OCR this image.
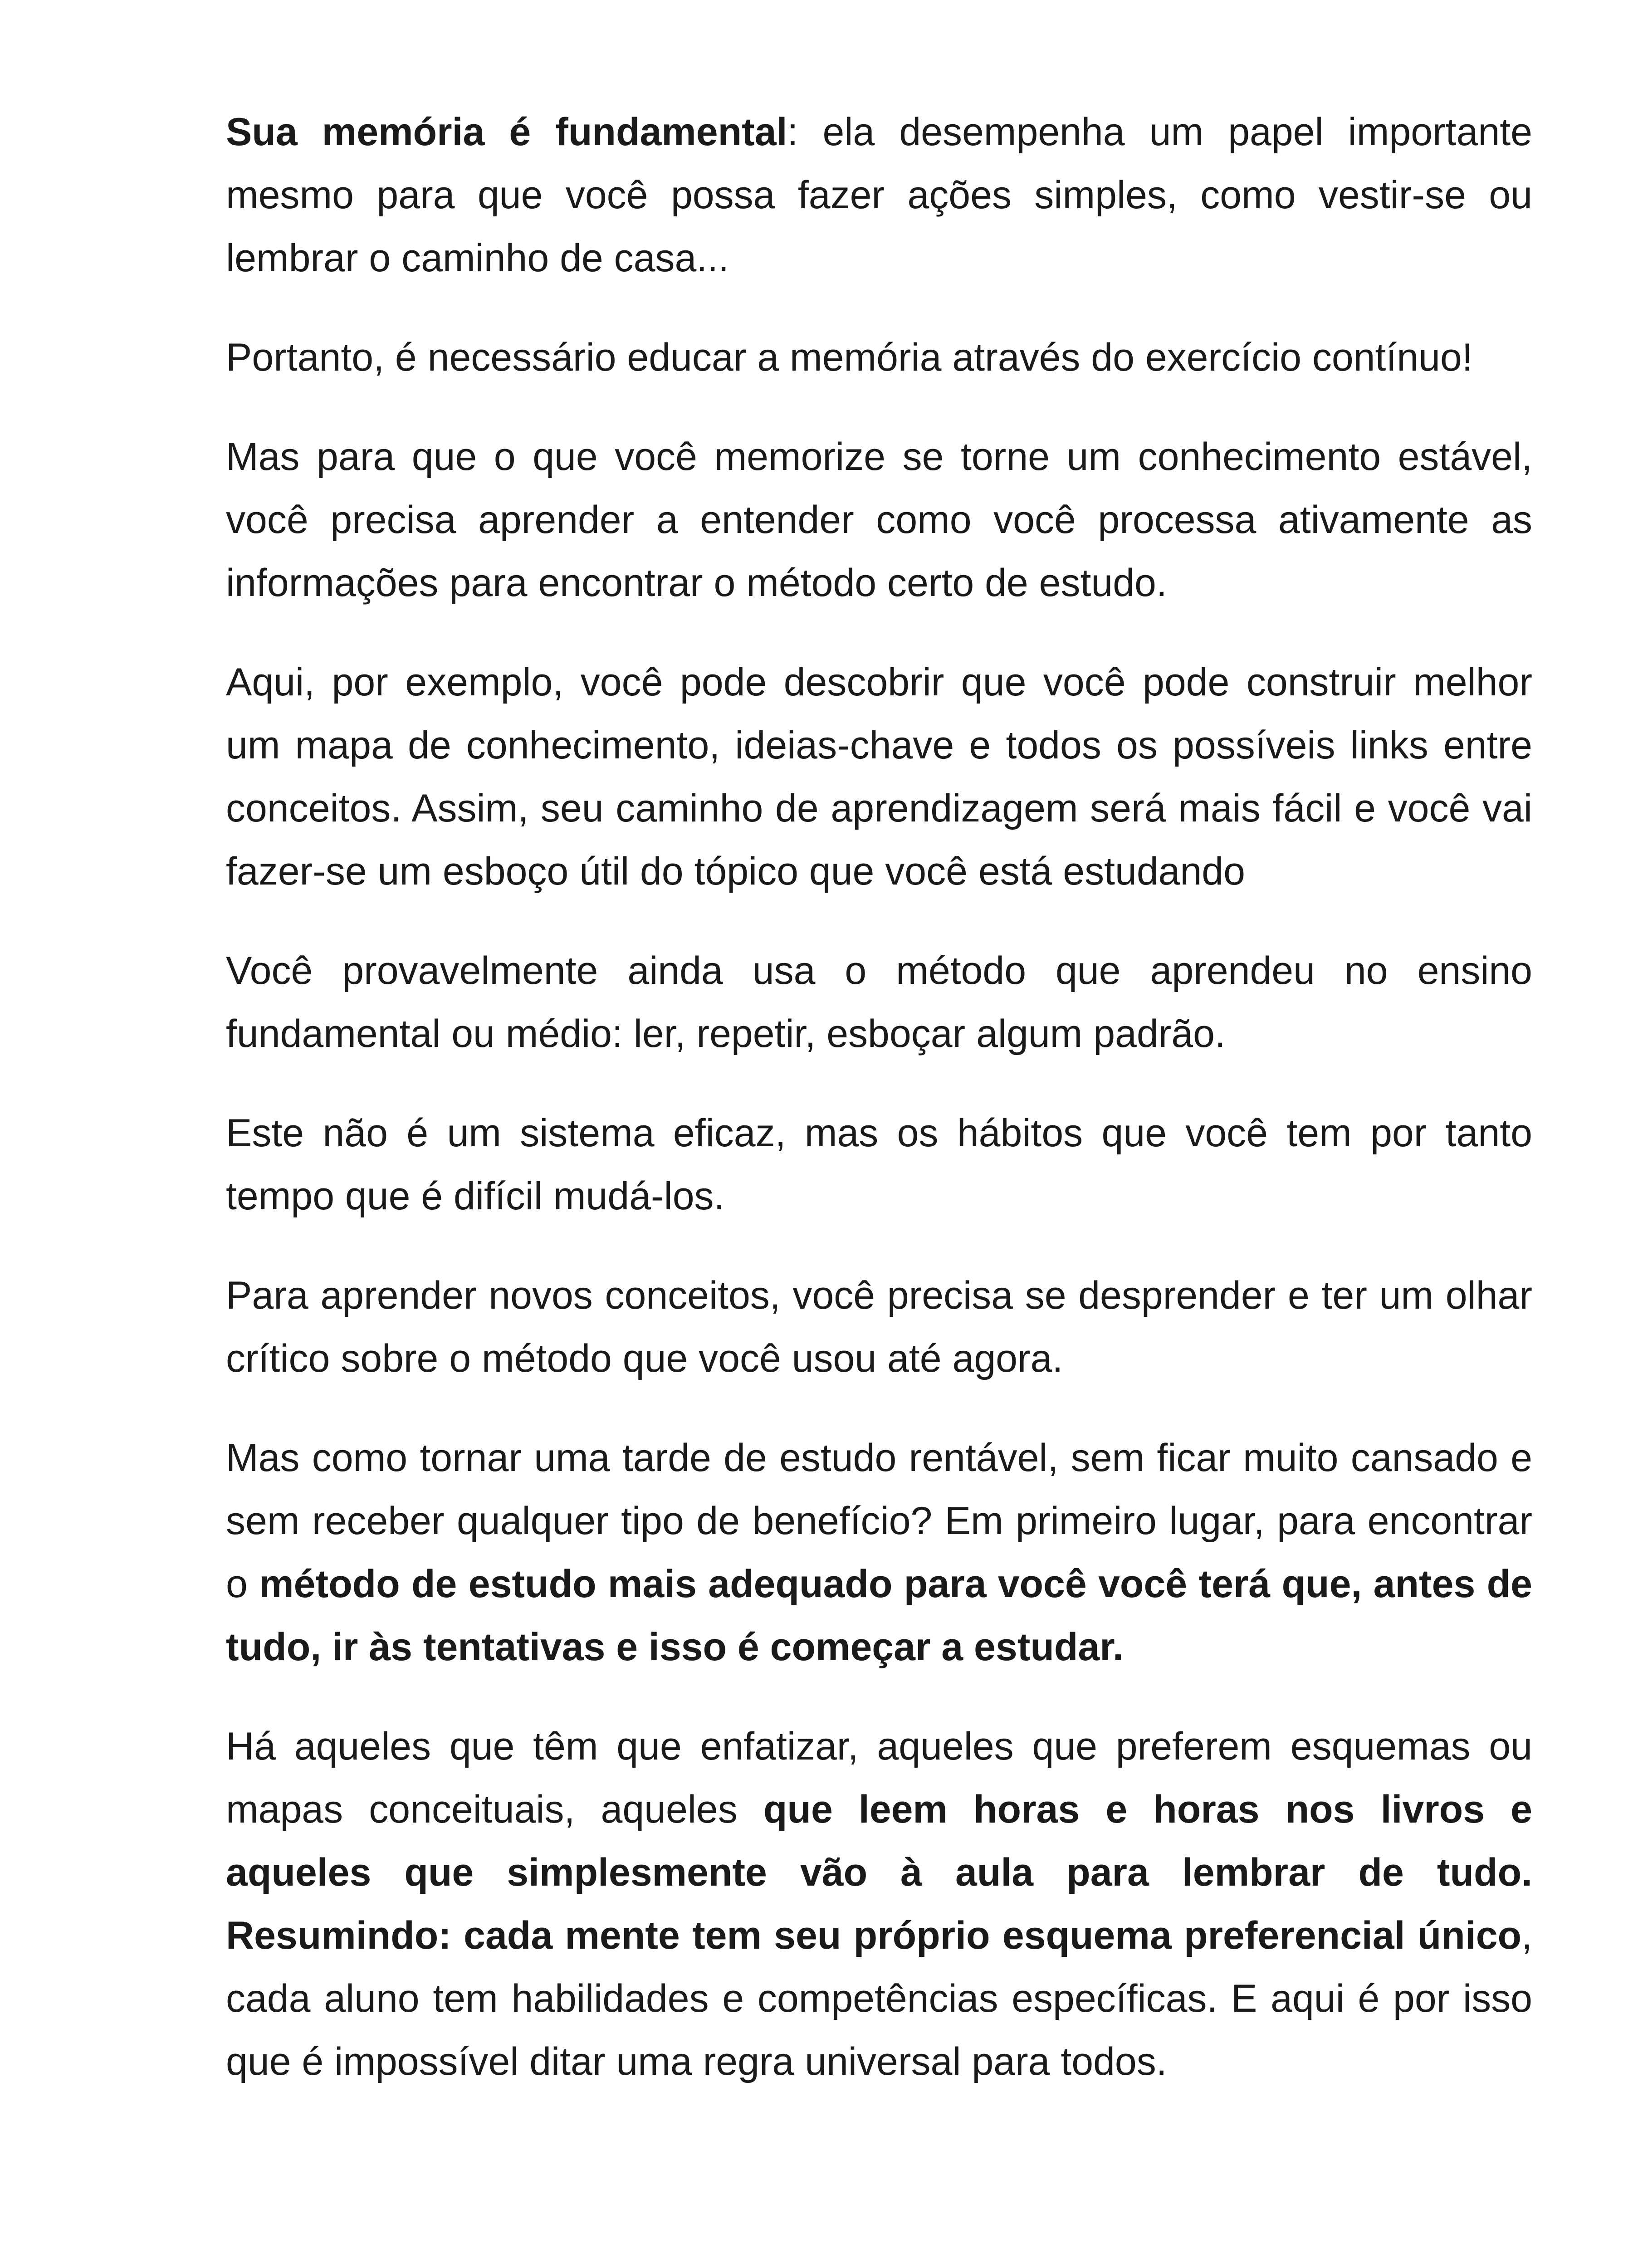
Sua memória é fundamental: ela desempenha um papel importante mesmo para que você possa fazer ações simples, como vestir-se ou lembrar o caminho de casa...

Portanto, é necessário educar a memória através do exercício contínuo!

Mas para que o que você memorize se torne um conhecimento estável, você precisa aprender a entender como você processa ativamente as informações para encontrar o método certo de estudo.

Aqui, por exemplo, você pode descobrir que você pode construir melhor um mapa de conhecimento, ideias-chave e todos os possíveis links entre conceitos. Assim, seu caminho de aprendizagem será mais fácil e você vai fazer-se um esboço útil do tópico que você está estudando

Você provavelmente ainda usa o método que aprendeu no ensino fundamental ou médio: ler, repetir, esboçar algum padrão.

Este não é um sistema eficaz, mas os hábitos que você tem por tanto tempo que é difícil mudá-los.

Para aprender novos conceitos, você precisa se desprender e ter um olhar crítico sobre o método que você usou até agora.

Mas como tornar uma tarde de estudo rentável, sem ficar muito cansado e sem receber qualquer tipo de benefício? Em primeiro lugar, para encontrar o método de estudo mais adequado para você você terá que, antes de tudo, ir às tentativas e isso é começar a estudar.

Há aqueles que têm que enfatizar, aqueles que preferem esquemas ou mapas conceituais, aqueles que leem horas e horas nos livros e aqueles que simplesmente vão à aula para lembrar de tudo. Resumindo: cada mente tem seu próprio esquema preferencial único, cada aluno tem habilidades e competências específicas. E aqui é por isso que é impossível ditar uma regra universal para todos.
